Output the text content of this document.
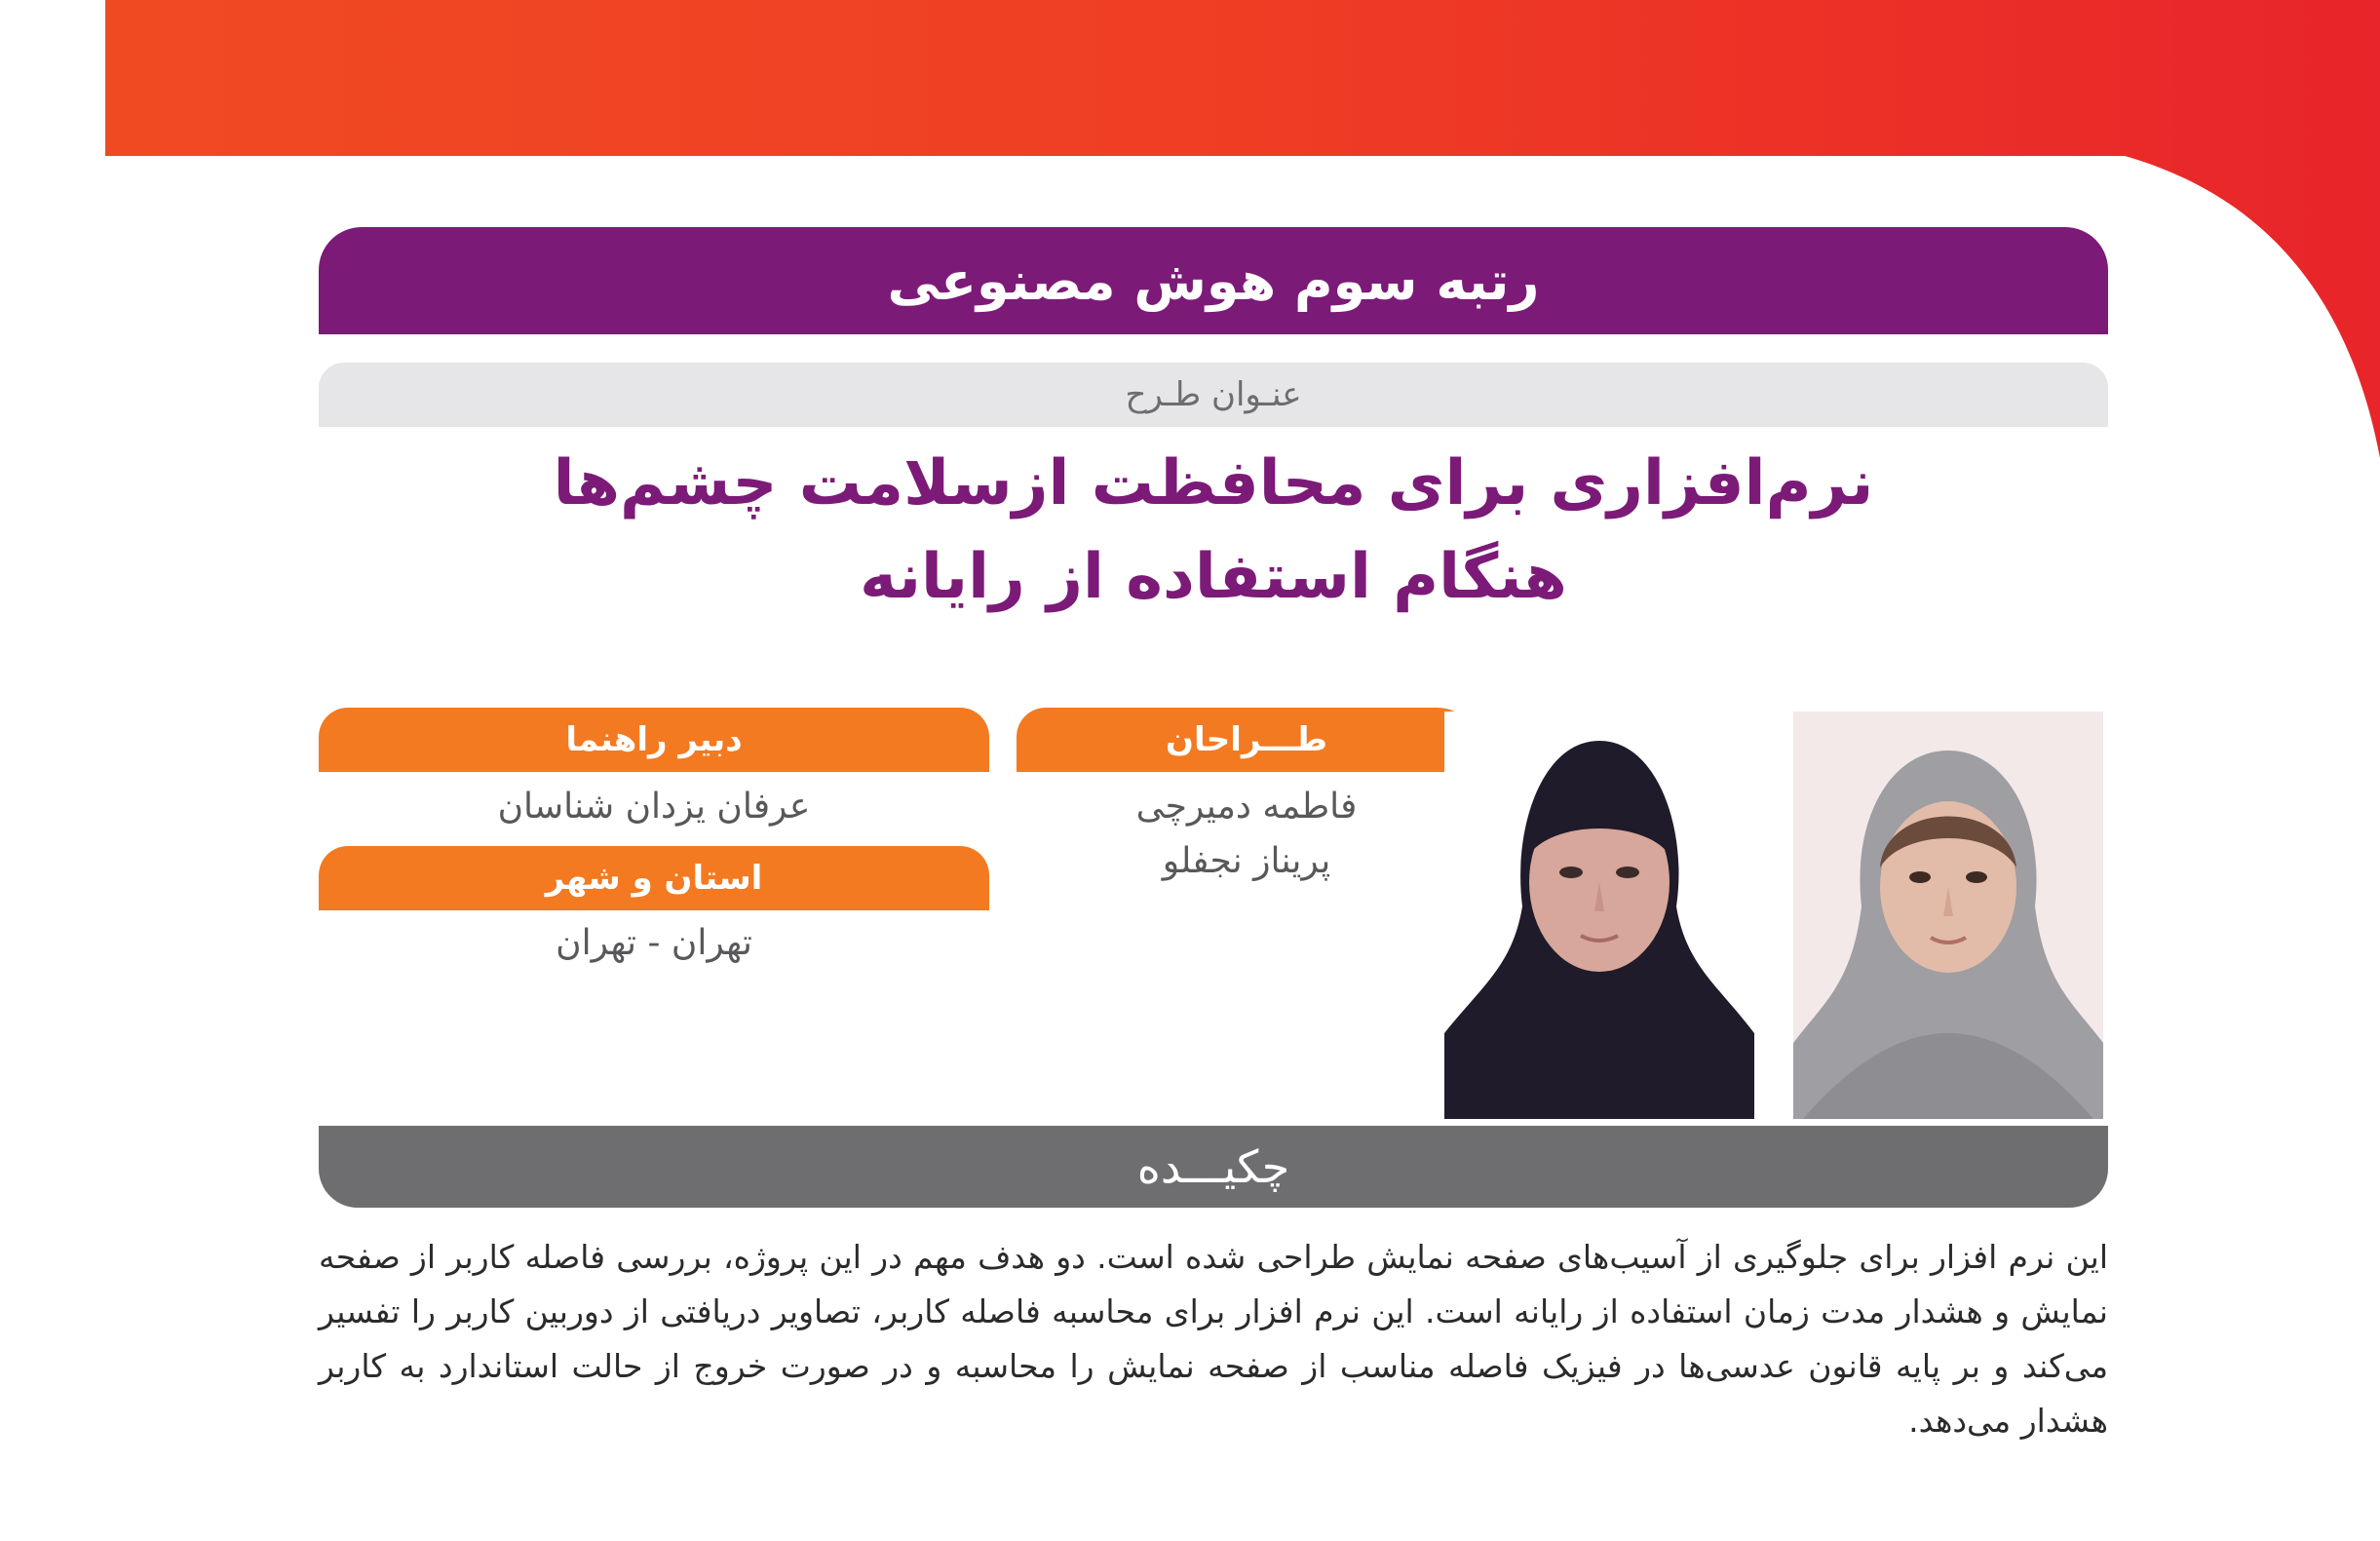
رتبه سوم هوش مصنوعی
عنـوان طـرح
نرم‌افزاری برای محافظت ازسلامت چشم‌ها
هنگام استفاده از رایانه
طـــراحان
فاطمه دمیرچی
پریناز نجفلو
دبیر راهنما
عرفان یزدان شناسان
استان و شهر
تهران - تهران
چکیـــده
این نرم افزار برای جلوگیری از آسیب‌های صفحه نمایش طراحی شده است. دو هدف مهم در این پروژه، بررسی فاصله کاربر از صفحه نمایش و هشدار مدت زمان استفاده از رایانه است. این نرم افزار برای محاسبه فاصله کاربر، تصاویر دریافتی از دوربین کاربر را تفسیر می‌کند و بر پایه قانون عدسی‌ها در فیزیک فاصله مناسب از صفحه نمایش را محاسبه و در صورت خروج از حالت استاندارد به کاربر هشدار می‌دهد.
